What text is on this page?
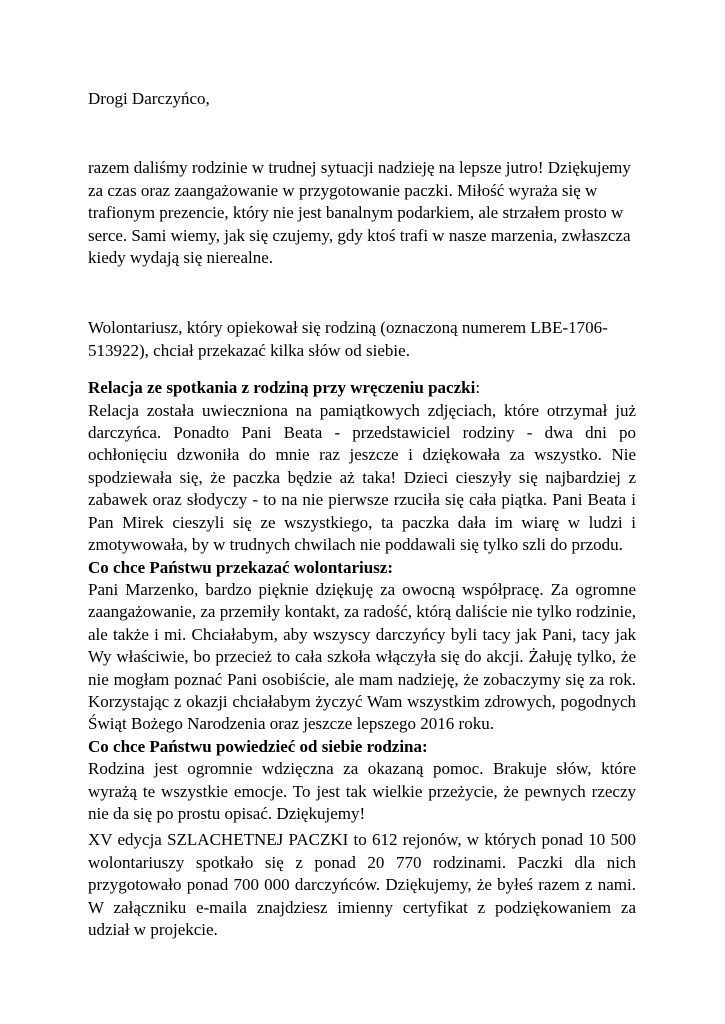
Drogi Darczyńco,

razem daliśmy rodzinie w trudnej sytuacji nadzieję na lepsze jutro! Dziękujemy za czas oraz zaangażowanie w przygotowanie paczki. Miłość wyraża się w trafionym prezencie, który nie jest banalnym podarkiem, ale strzałem prosto w serce. Sami wiemy, jak się czujemy, gdy ktoś trafi w nasze marzenia, zwłaszcza kiedy wydają się nierealne.

Wolontariusz, który opiekował się rodziną (oznaczoną numerem LBE-1706-513922), chciał przekazać kilka słów od siebie.

Relacja ze spotkania z rodziną przy wręczeniu paczki:

Relacja została uwieczniona na pamiątkowych zdjęciach, które otrzymał już darczyńca. Ponadto Pani Beata - przedstawiciel rodziny - dwa dni po ochłonięciu dzwoniła do mnie raz jeszcze i dziękowała za wszystko. Nie spodziewała się, że paczka będzie aż taka! Dzieci cieszyły się najbardziej z zabawek oraz słodyczy - to na nie pierwsze rzuciła się cała piątka. Pani Beata i Pan Mirek cieszyli się ze wszystkiego, ta paczka dała im wiarę w ludzi i zmotywowała, by w trudnych chwilach nie poddawali się tylko szli do przodu.

Co chce Państwu przekazać wolontariusz:

Pani Marzenko, bardzo pięknie dziękuję za owocną współpracę. Za ogromne zaangażowanie, za przemiły kontakt, za radość, którą daliście nie tylko rodzinie, ale także i mi. Chciałabym, aby wszyscy darczyńcy byli tacy jak Pani, tacy jak Wy właściwie, bo przecież to cała szkoła włączyła się do akcji. Żałuję tylko, że nie mogłam poznać Pani osobiście, ale mam nadzieję, że zobaczymy się za rok. Korzystając z okazji chciałabym życzyć Wam wszystkim zdrowych, pogodnych Świąt Bożego Narodzenia oraz jeszcze lepszego 2016 roku.

Co chce Państwu powiedzieć od siebie rodzina:

Rodzina jest ogromnie wdzięczna za okazaną pomoc. Brakuje słów, które wyrażą te wszystkie emocje. To jest tak wielkie przeżycie, że pewnych rzeczy nie da się po prostu opisać. Dziękujemy!

XV edycja SZLACHETNEJ PACZKI to 612 rejonów, w których ponad 10 500 wolontariuszy spotkało się z ponad 20 770 rodzinami. Paczki dla nich przygotowało ponad 700 000 darczyńców. Dziękujemy, że byłeś razem z nami. W załączniku e-maila znajdziesz imienny certyfikat z podziękowaniem za udział w projekcie.
